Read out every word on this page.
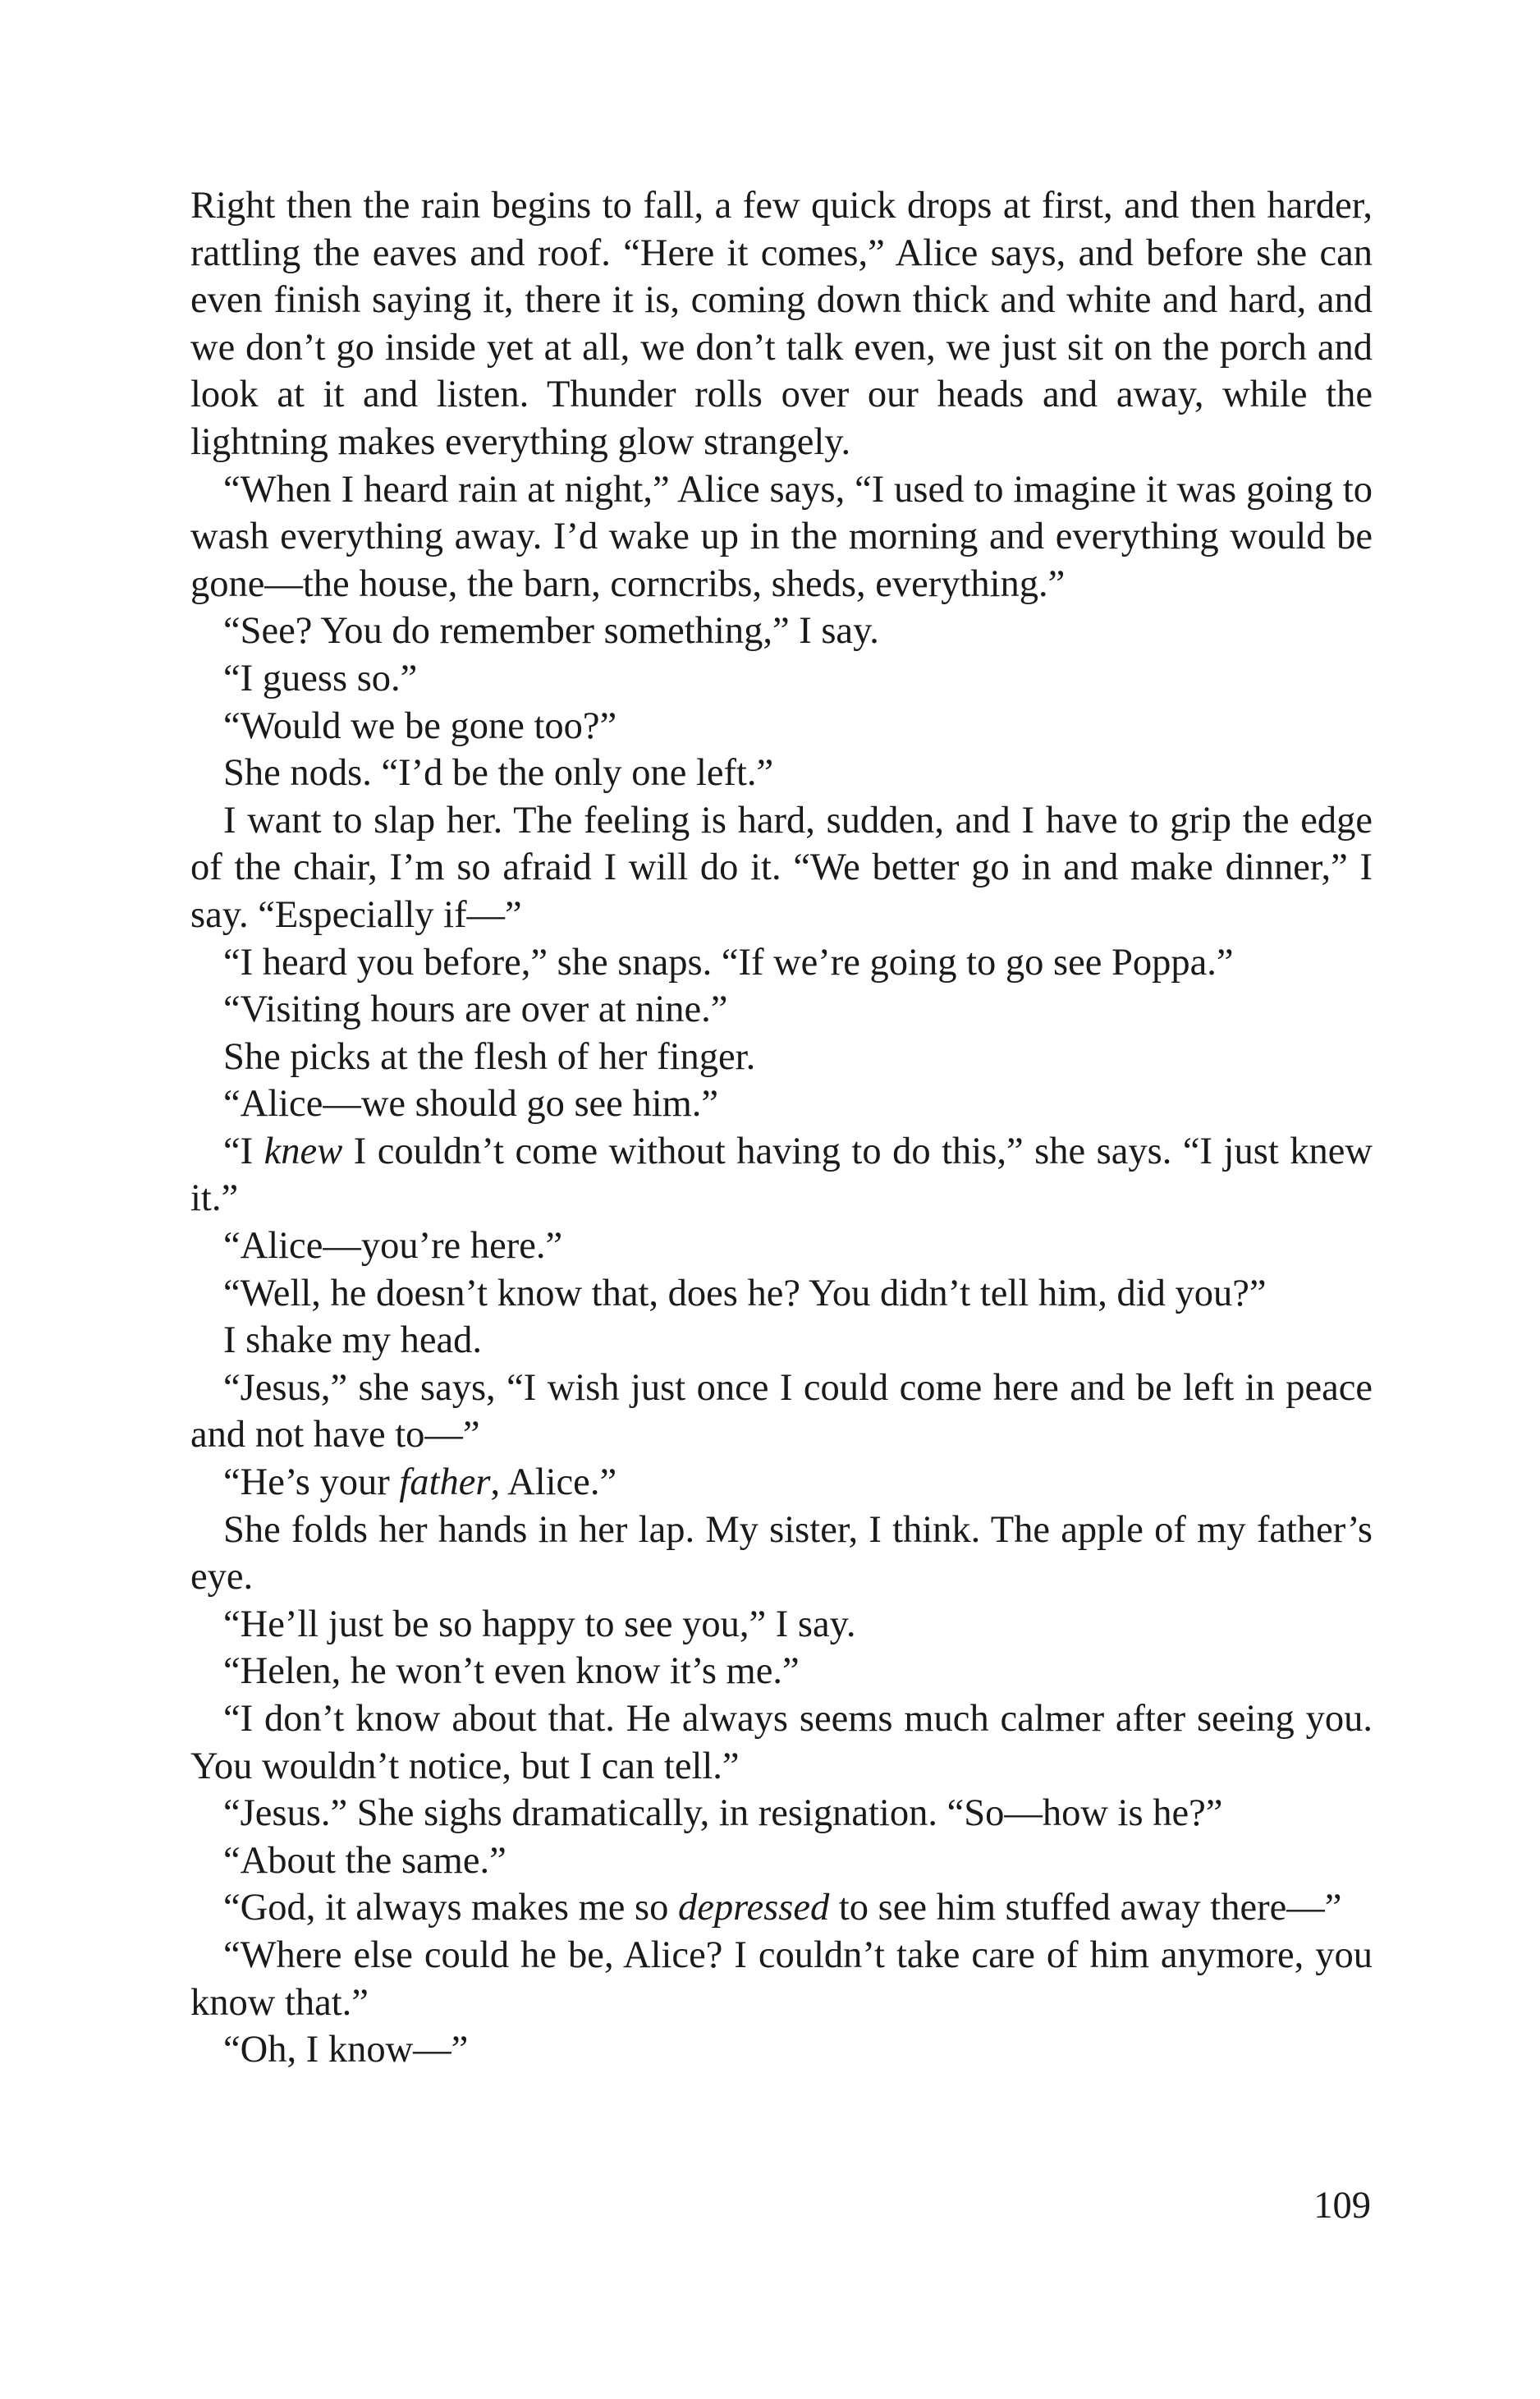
Right then the rain begins to fall, a few quick drops at first, and then harder, rattling the eaves and roof. “Here it comes,” Alice says, and before she can even finish saying it, there it is, coming down thick and white and hard, and we don’t go inside yet at all, we don’t talk even, we just sit on the porch and look at it and listen. Thunder rolls over our heads and away, while the lightning makes everything glow strangely.

“When I heard rain at night,” Alice says, “I used to imagine it was going to wash everything away. I’d wake up in the morning and everything would be gone—the house, the barn, corncribs, sheds, everything.”

“See? You do remember something,” I say.

“I guess so.”

“Would we be gone too?”

She nods. “I’d be the only one left.”

I want to slap her. The feeling is hard, sudden, and I have to grip the edge of the chair, I’m so afraid I will do it. “We better go in and make dinner,” I say. “Especially if—”

“I heard you before,” she snaps. “If we’re going to go see Poppa.”

“Visiting hours are over at nine.”

She picks at the flesh of her finger.

“Alice—we should go see him.”

“I knew I couldn’t come without having to do this,” she says. “I just knew it.”

“Alice—you’re here.”

“Well, he doesn’t know that, does he? You didn’t tell him, did you?”

I shake my head.

“Jesus,” she says, “I wish just once I could come here and be left in peace and not have to—”

“He’s your father, Alice.”

She folds her hands in her lap. My sister, I think. The apple of my father’s eye.

“He’ll just be so happy to see you,” I say.

“Helen, he won’t even know it’s me.”

“I don’t know about that. He always seems much calmer after seeing you. You wouldn’t notice, but I can tell.”

“Jesus.” She sighs dramatically, in resignation. “So—how is he?”

“About the same.”

“God, it always makes me so depressed to see him stuffed away there—”

“Where else could he be, Alice? I couldn’t take care of him anymore, you know that.”

“Oh, I know—”

109
